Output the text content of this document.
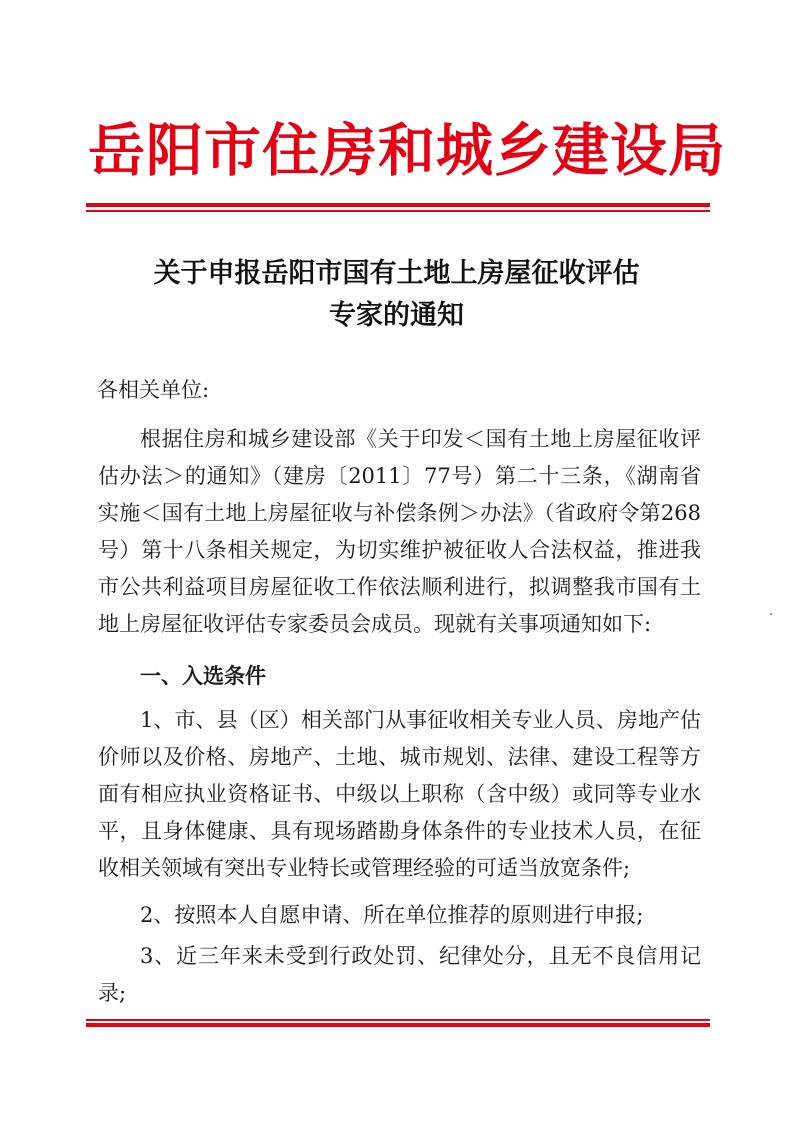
岳阳市住房和城乡建设局
关于申报岳阳市国有土地上房屋征收评估
专家的通知
各相关单位:
根据住房和城乡建设部《关于印发＜国有土地上房屋征收评估办法＞的通知》（建房〔2011〕77号）第二十三条，《湖南省实施＜国有土地上房屋征收与补偿条例＞办法》（省政府令第268号）第十八条相关规定，为切实维护被征收人合法权益，推进我市公共利益项目房屋征收工作依法顺利进行，拟调整我市国有土地上房屋征收评估专家委员会成员。现就有关事项通知如下:
一、入选条件
1、市、县（区）相关部门从事征收相关专业人员、房地产估价师以及价格、房地产、土地、城市规划、法律、建设工程等方面有相应执业资格证书、中级以上职称（含中级）或同等专业水平，且身体健康、具有现场踏勘身体条件的专业技术人员，在征收相关领域有突出专业特长或管理经验的可适当放宽条件;
2、按照本人自愿申请、所在单位推荐的原则进行申报;
3、近三年来未受到行政处罚、纪律处分，且无不良信用记录;
